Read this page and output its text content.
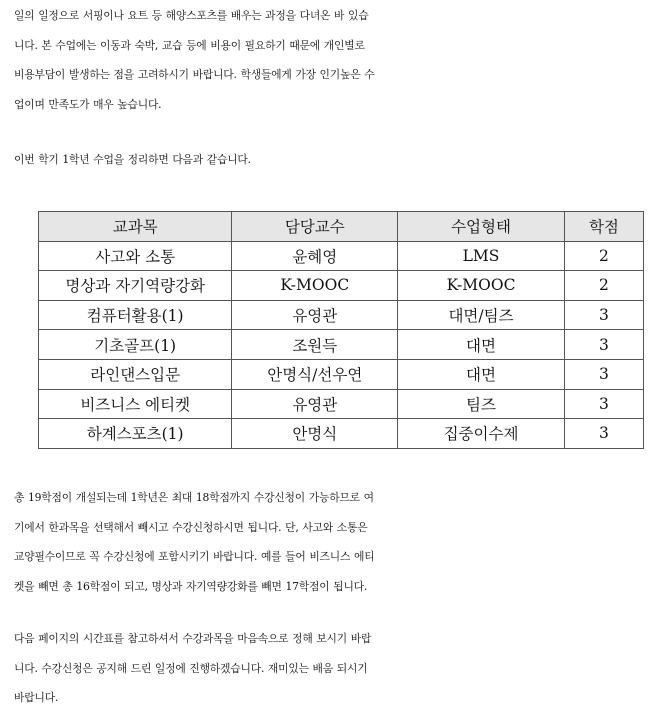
일의 일정으로 서핑이나 요트 등 해양스포츠를 배우는 과정을 다녀온 바 있습
니다. 본 수업에는 이동과 숙박, 교습 등에 비용이 필요하기 때문에 개인별로
비용부담이 발생하는 점을 고려하시기 바랍니다. 학생들에게 가장 인기높은 수
업이며 만족도가 매우 높습니다.

이번 학기 1학년 수업을 정리하면 다음과 같습니다.

교과목	담당교수	수업형태	학점
사고와 소통	윤혜영	LMS	2
명상과 자기역량강화	K-MOOC	K-MOOC	2
컴퓨터활용(1)	유영관	대면/팀즈	3
기초골프(1)	조원득	대면	3
라인댄스입문	안명식/선우연	대면	3
비즈니스 에티켓	유영관	팀즈	3
하계스포츠(1)	안명식	집중이수제	3

총 19학점이 개설되는데 1학년은 최대 18학점까지 수강신청이 가능하므로 여
기에서 한과목을 선택해서 빼시고 수강신청하시면 됩니다. 단, 사고와 소통은
교양필수이므로 꼭 수강신청에 포함시키기 바랍니다. 예를 들어 비즈니스 에티
켓을 빼면 총 16학점이 되고, 명상과 자기역량강화를 빼면 17학점이 됩니다.

다음 페이지의 시간표를 참고하셔서 수강과목을 마음속으로 정해 보시기 바랍
니다. 수강신청은 공지해 드린 일정에 진행하겠습니다. 재미있는 배움 되시기
바랍니다.
